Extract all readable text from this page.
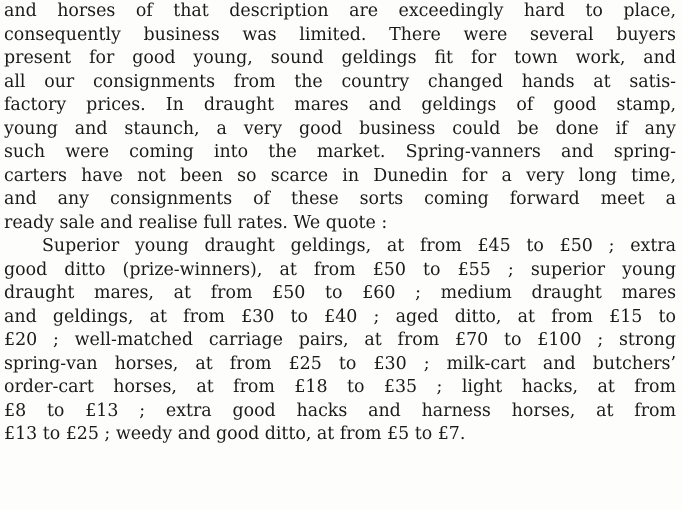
and horses of that description are exceedingly hard to place,
consequently business was limited. There were several buyers
present for good young, sound geldings fit for town work, and
all our consignments from the country changed hands at satis-
factory prices. In draught mares and geldings of good stamp,
young and staunch, a very good business could be done if any
such were coming into the market. Spring-vanners and spring-
carters have not been so scarce in Dunedin for a very long time,
and any consignments of these sorts coming forward meet a
ready sale and realise full rates. We quote :
Superior young draught geldings, at from £45 to £50 ; extra
good ditto (prize-winners), at from £50 to £55 ; superior young
draught mares, at from £50 to £60 ; medium draught mares
and geldings, at from £30 to £40 ; aged ditto, at from £15 to
£20 ; well-matched carriage pairs, at from £70 to £100 ; strong
spring-van horses, at from £25 to £30 ; milk-cart and butchers’
order-cart horses, at from £18 to £35 ; light hacks, at from
£8 to £13 ; extra good hacks and harness horses, at from
£13 to £25 ; weedy and good ditto, at from £5 to £7.
